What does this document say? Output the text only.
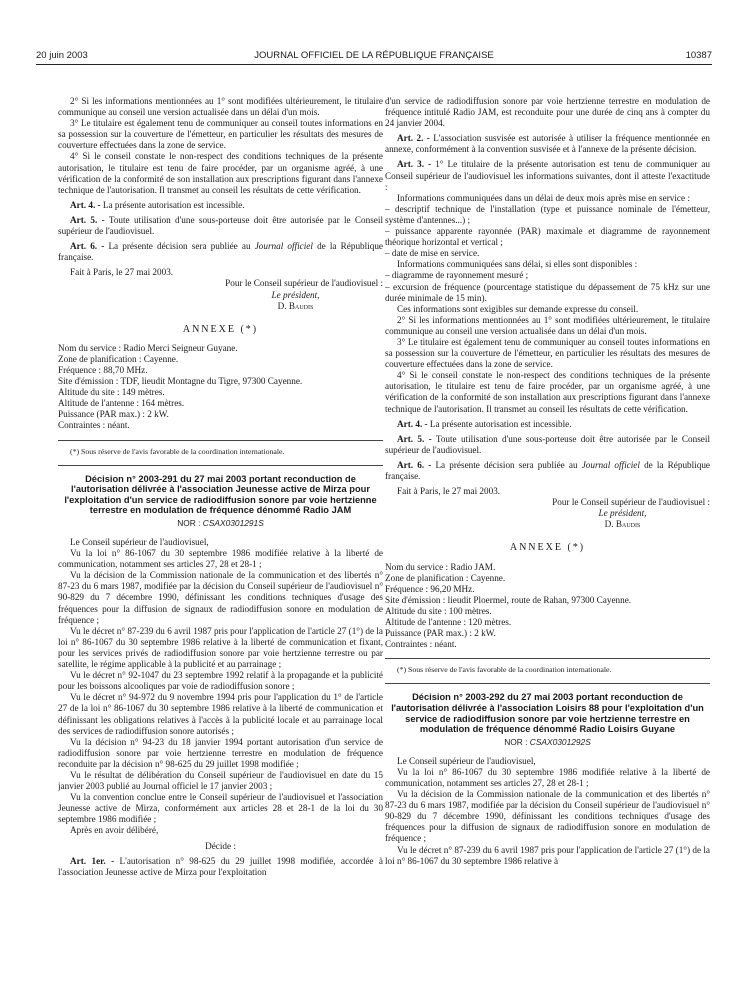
20 juin 2003	JOURNAL OFFICIEL DE LA RÉPUBLIQUE FRANÇAISE	10387

2° Si les informations mentionnées au 1° sont modifiées ultérieurement, le titulaire communique au conseil une version actualisée dans un délai d'un mois.

3° Le titulaire est également tenu de communiquer au conseil toutes informations en sa possession sur la couverture de l'émetteur, en particulier les résultats des mesures de couverture effectuées dans la zone de service.

4° Si le conseil constate le non-respect des conditions techniques de la présente autorisation, le titulaire est tenu de faire procéder, par un organisme agréé, à une vérification de la conformité de son installation aux prescriptions figurant dans l'annexe technique de l'autorisation. Il transmet au conseil les résultats de cette vérification.

Art. 4. - La présente autorisation est incessible.

Art. 5. - Toute utilisation d'une sous-porteuse doit être autorisée par le Conseil supérieur de l'audiovisuel.

Art. 6. - La présente décision sera publiée au Journal officiel de la République française.

Fait à Paris, le 27 mai 2003.

Pour le Conseil supérieur de l'audiovisuel :

Le président,

D. Baudis

ANNEXE (*)

Nom du service : Radio Merci Seigneur Guyane.

Zone de planification : Cayenne.

Fréquence : 88,70 MHz.

Site d'émission : TDF, lieudit Montagne du Tigre, 97300 Cayenne.

Altitude du site : 149 mètres.

Altitude de l'antenne : 164 mètres.

Puissance (PAR max.) : 2 kW.

Contraintes : néant.

(*) Sous réserve de l'avis favorable de la coordination internationale.

Décision n° 2003-291 du 27 mai 2003 portant reconduction de l'autorisation délivrée à l'association Jeunesse active de Mirza pour l'exploitation d'un service de radiodiffusion sonore par voie hertzienne terrestre en modulation de fréquence dénommé Radio JAM

NOR : CSAX0301291S

Le Conseil supérieur de l'audiovisuel,

Vu la loi n° 86-1067 du 30 septembre 1986 modifiée relative à la liberté de communication, notamment ses articles 27, 28 et 28-1 ;

Vu la décision de la Commission nationale de la communication et des libertés n° 87-23 du 6 mars 1987, modifiée par la décision du Conseil supérieur de l'audiovisuel n° 90-829 du 7 décembre 1990, définissant les conditions techniques d'usage des fréquences pour la diffusion de signaux de radiodiffusion sonore en modulation de fréquence ;

Vu le décret n° 87-239 du 6 avril 1987 pris pour l'application de l'article 27 (1°) de la loi n° 86-1067 du 30 septembre 1986 relative à la liberté de communication et fixant, pour les services privés de radiodiffusion sonore par voie hertzienne terrestre ou par satellite, le régime applicable à la publicité et au parrainage ;

Vu le décret n° 92-1047 du 23 septembre 1992 relatif à la propagande et la publicité pour les boissons alcooliques par voie de radiodiffusion sonore ;

Vu le décret n° 94-972 du 9 novembre 1994 pris pour l'application du 1° de l'article 27 de la loi n° 86-1067 du 30 septembre 1986 relative à la liberté de communication et définissant les obligations relatives à l'accès à la publicité locale et au parrainage local des services de radiodiffusion sonore autorisés ;

Vu la décision n° 94-23 du 18 janvier 1994 portant autorisation d'un service de radiodiffusion sonore par voie hertzienne terrestre en modulation de fréquence reconduite par la décision n° 98-625 du 29 juillet 1998 modifiée ;

Vu le résultat de délibération du Conseil supérieur de l'audiovisuel en date du 15 janvier 2003 publié au Journal officiel le 17 janvier 2003 ;

Vu la convention conclue entre le Conseil supérieur de l'audiovisuel et l'association Jeunesse active de Mirza, conformément aux articles 28 et 28-1 de la loi du 30 septembre 1986 modifiée ;

Après en avoir délibéré,

Décide :

Art. 1er. - L'autorisation n° 98-625 du 29 juillet 1998 modifiée, accordée à l'association Jeunesse active de Mirza pour l'exploitation

d'un service de radiodiffusion sonore par voie hertzienne terrestre en modulation de fréquence intitulé Radio JAM, est reconduite pour une durée de cinq ans à compter du 24 janvier 2004.

Art. 2. - L'association susvisée est autorisée à utiliser la fréquence mentionnée en annexe, conformément à la convention susvisée et à l'annexe de la présente décision.

Art. 3. - 1° Le titulaire de la présente autorisation est tenu de communiquer au Conseil supérieur de l'audiovisuel les informations suivantes, dont il atteste l'exactitude :

Informations communiquées dans un délai de deux mois après mise en service :

– descriptif technique de l'installation (type et puissance nominale de l'émetteur, système d'antennes...) ;

– puissance apparente rayonnée (PAR) maximale et diagramme de rayonnement théorique horizontal et vertical ;

– date de mise en service.

Informations communiquées sans délai, si elles sont disponibles :

– diagramme de rayonnement mesuré ;

– excursion de fréquence (pourcentage statistique du dépassement de 75 kHz sur une durée minimale de 15 min).

Ces informations sont exigibles sur demande expresse du conseil.

2° Si les informations mentionnées au 1° sont modifiées ultérieurement, le titulaire communique au conseil une version actualisée dans un délai d'un mois.

3° Le titulaire est également tenu de communiquer au conseil toutes informations en sa possession sur la couverture de l'émetteur, en particulier les résultats des mesures de couverture effectuées dans la zone de service.

4° Si le conseil constate le non-respect des conditions techniques de la présente autorisation, le titulaire est tenu de faire procéder, par un organisme agréé, à une vérification de la conformité de son installation aux prescriptions figurant dans l'annexe technique de l'autorisation. Il transmet au conseil les résultats de cette vérification.

Art. 4. - La présente autorisation est incessible.

Art. 5. - Toute utilisation d'une sous-porteuse doit être autorisée par le Conseil supérieur de l'audiovisuel.

Art. 6. - La présente décision sera publiée au Journal officiel de la République française.

Fait à Paris, le 27 mai 2003.

Pour le Conseil supérieur de l'audiovisuel :

Le président,

D. Baudis

ANNEXE (*)

Nom du service : Radio JAM.

Zone de planification : Cayenne.

Fréquence : 96,20 MHz.

Site d'émission : lieudit Ploermel, route de Rahan, 97300 Cayenne.

Altitude du site : 100 mètres.

Altitude de l'antenne : 120 mètres.

Puissance (PAR max.) : 2 kW.

Contraintes : néant.

(*) Sous réserve de l'avis favorable de la coordination internationale.

Décision n° 2003-292 du 27 mai 2003 portant reconduction de l'autorisation délivrée à l'association Loisirs 88 pour l'exploitation d'un service de radiodiffusion sonore par voie hertzienne terrestre en modulation de fréquence dénommé Radio Loisirs Guyane

NOR : CSAX0301292S

Le Conseil supérieur de l'audiovisuel,

Vu la loi n° 86-1067 du 30 septembre 1986 modifiée relative à la liberté de communication, notamment ses articles 27, 28 et 28-1 ;

Vu la décision de la Commission nationale de la communication et des libertés n° 87-23 du 6 mars 1987, modifiée par la décision du Conseil supérieur de l'audiovisuel n° 90-829 du 7 décembre 1990, définissant les conditions techniques d'usage des fréquences pour la diffusion de signaux de radiodiffusion sonore en modulation de fréquence ;

Vu le décret n° 87-239 du 6 avril 1987 pris pour l'application de l'article 27 (1°) de la loi n° 86-1067 du 30 septembre 1986 relative à
